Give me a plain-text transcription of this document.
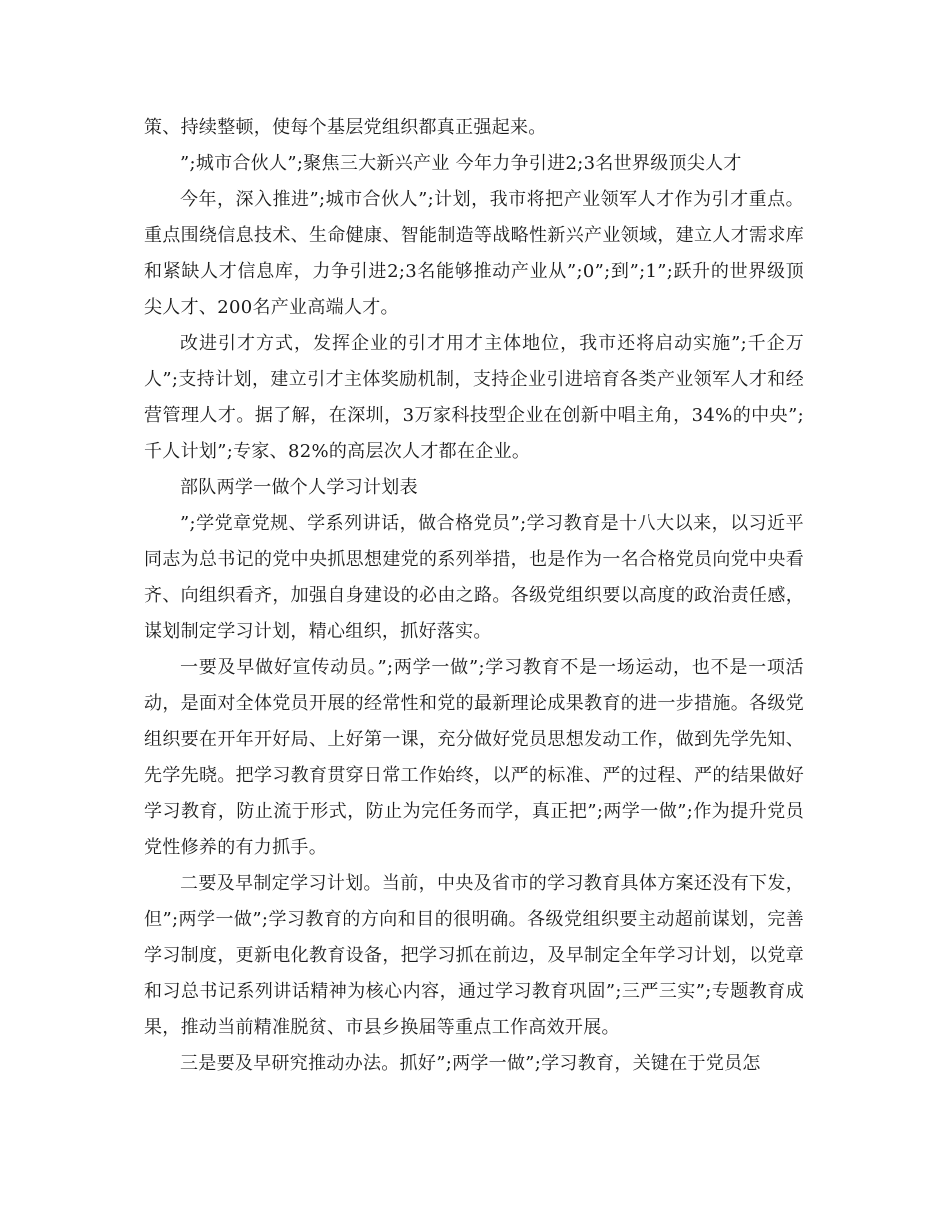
策、持续整顿，使每个基层党组织都真正强起来。

”;城市合伙人”;聚焦三大新兴产业 今年力争引进2;3名世界级顶尖人才

今年，深入推进”;城市合伙人”;计划，我市将把产业领军人才作为引才重点。重点围绕信息技术、生命健康、智能制造等战略性新兴产业领域，建立人才需求库和紧缺人才信息库，力争引进2;3名能够推动产业从”;0”;到”;1”;跃升的世界级顶尖人才、200名产业高端人才。

改进引才方式，发挥企业的引才用才主体地位，我市还将启动实施”;千企万人”;支持计划，建立引才主体奖励机制，支持企业引进培育各类产业领军人才和经营管理人才。据了解，在深圳，3万家科技型企业在创新中唱主角，34%的中央”;千人计划”;专家、82%的高层次人才都在企业。

部队两学一做个人学习计划表

”;学党章党规、学系列讲话，做合格党员”;学习教育是十八大以来，以习近平同志为总书记的党中央抓思想建党的系列举措，也是作为一名合格党员向党中央看齐、向组织看齐，加强自身建设的必由之路。各级党组织要以高度的政治责任感，谋划制定学习计划，精心组织，抓好落实。

一要及早做好宣传动员。”;两学一做”;学习教育不是一场运动，也不是一项活动，是面对全体党员开展的经常性和党的最新理论成果教育的进一步措施。各级党组织要在开年开好局、上好第一课，充分做好党员思想发动工作，做到先学先知、先学先晓。把学习教育贯穿日常工作始终，以严的标准、严的过程、严的结果做好学习教育，防止流于形式，防止为完任务而学，真正把”;两学一做”;作为提升党员党性修养的有力抓手。

二要及早制定学习计划。当前，中央及省市的学习教育具体方案还没有下发，但”;两学一做”;学习教育的方向和目的很明确。各级党组织要主动超前谋划，完善学习制度，更新电化教育设备，把学习抓在前边，及早制定全年学习计划，以党章和习总书记系列讲话精神为核心内容，通过学习教育巩固”;三严三实”;专题教育成果，推动当前精准脱贫、市县乡换届等重点工作高效开展。

三是要及早研究推动办法。抓好”;两学一做”;学习教育，关键在于党员怎
